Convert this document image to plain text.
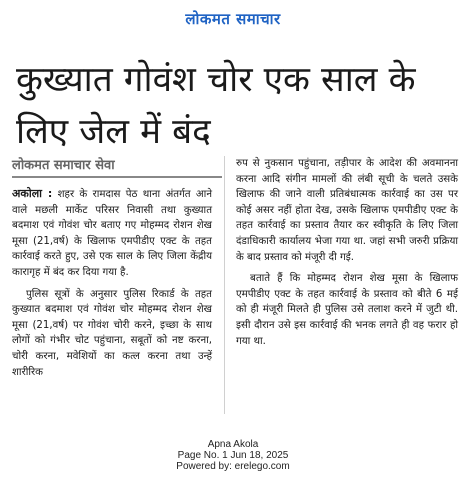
लोकमत समाचार
कुख्यात गोवंश चोर एक साल के लिए जेल में बंद
लोकमत समाचार सेवा

अकोला : शहर के रामदास पेठ थाना अंतर्गत आने वाले मछली मार्केट परिसर निवासी तथा कुख्यात बदमाश एवं गोवंश चोर बताए गए मोहम्मद रोशन शेख मूसा (21,वर्ष) के खिलाफ एमपीडीए एक्ट के तहत कार्रवाई करते हुए, उसे एक साल के लिए जिला केंद्रीय कारागृह में बंद कर दिया गया है.

पुलिस सूत्रों के अनुसार पुलिस रिकार्ड के तहत कुख्यात बदमाश एवं गोवंश चोर मोहम्मद रोशन शेख मूसा (21,वर्ष) पर गोवंश चोरी करने, इच्छा के साथ लोगों को गंभीर चोट पहुंचाना, सबूतों को नष्ट करना, चोरी करना, मवेशियों का कत्ल करना तथा उन्हें शारीरिक

रुप से नुकसान पहुंचाना, तड़ीपार के आदेश की अवमानना करना आदि संगीन मामलों की लंबी सूची के चलते उसके खिलाफ की जाने वाली प्रतिबंधात्मक कार्रवाई का उस पर कोई असर नहीं होता देख, उसके खिलाफ एमपीडीए एक्ट के तहत कार्रवाई का प्रस्ताव तैयार कर स्वीकृति के लिए जिला दंडाधिकारी कार्यालय भेजा गया था. जहां सभी जरुरी प्रक्रिया के बाद प्रस्ताव को मंजूरी दी गई.

बताते हैं कि मोहम्मद रोशन शेख मूसा के खिलाफ एमपीडीए एक्ट के तहत कार्रवाई के प्रस्ताव को बीते 6 मई को ही मंजूरी मिलते ही पुलिस उसे तलाश करने में जुटी थी. इसी दौरान उसे इस कार्रवाई की भनक लगते ही वह फरार हो गया था.

Apna Akola
Page No. 1 Jun 18, 2025
Powered by: erelego.com
